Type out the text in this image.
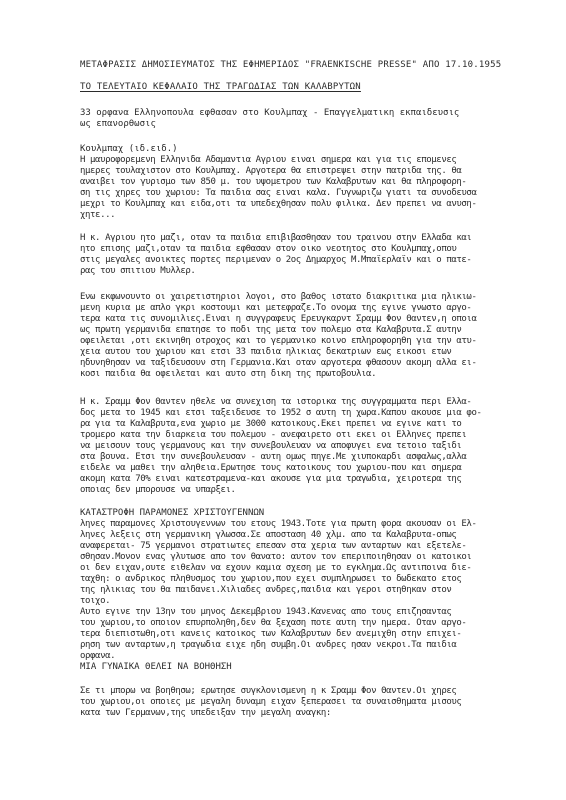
ΜΕΤΑΦΡΑΣΙΣ ΔΗΜΟΣΙΕΥΜΑΤΟΣ ΤΗΣ ΕΦΗΜΕΡΙΔΟΣ "FRAENKISCHE PRESSE" ΑΠΟ 17.10.1955
ΤΟ ΤΕΛΕΥΤΑΙΟ ΚΕΦΑΛΑΙΟ ΤΗΣ ΤΡΑΓΩΔΙΑΣ ΤΩΝ ΚΑΛΑΒΡΥΤΩΝ
33 ορφανα Ελληνοπουλα εφθασαν στο Κουλμπαχ - Επαγγελματικη εκπαιδευσις
ως επανορθωσις
Κουλμπαχ (ιδ.ειδ.)
Η μαυροφορεμενη Ελληνιδα Αδαμαντια Αγριου ειναι σημερα και για τις επομενες
ημερες τουλαχιστον στο Κουλμπαχ. Αργοτερα θα επιστρεψει στην πατριδα της. θα
αναιβει τον γυρισμο των 850 μ. του υψομετρου των Καλαβρυτων και θα πληροφορη-
ση τις χηρες του χωριου: Τα παιδια σας ειναι καλα. Γυγνωριζω γιατι τα συνοδευσα
μεχρι το Κουλμπαχ και ειδα,οτι τα υπεδεχθησαν πολυ φιλικα. Δεν πρεπει να ανυση-
χητε...
Η κ. Αγριου ητο μαζι, οταν τα παιδια επιβιβασθησαν του τραινου στην Ελλαδα και
ητο επισης μαζι,οταν τα παιδια εφθασαν στον οικο νεοτητος στο Κουλμπαχ,οπου
στις μεγαλες ανοικτες πορτες περιμεναν ο 2ος Δημαρχος Μ.Μπαϊερλαϊν και ο πατε-
ρας του σπιτιου Μυλλερ.
Ενω εκφωνουντο οι χαιρετιστηριοι λογοι, στο βαθος ιστατο διακριτικα μια ηλικιω-
μενη κυρια με απλο γκρι κοστουμι και μετεφραζε.Το ονομα της εγινε γνωστο αργο-
τερα κατα τις συνομιλιες.Ειναι η συγγραφευς Ερευγκαρντ Σραμμ Φον Θαντεν,η οποια
ως πρωτη γερμανιδα επατησε το ποδι της μετα τον πολεμο στα Καλαβρυτα.Σ αυτην
οφειλεται ,οτι εκινηθη οτροχος και το γερμανικο κοινο επληροφορηθη για την ατυ-
χεια αυτου του χωριου και ετσι 33 παιδια ηλικιας δεκατριων εως εικοσι ετων
ηδυνηθησαν να ταξιδευσουν στη Γερμανια.Και οταν αργοτερα φθασουν ακομη αλλα ει-
κοσι παιδια θα οφειλεται και αυτο στη δικη της πρωτοβουλια.
Η κ. Σραμμ Φον Θαντεν ηθελε να συνεχιση τα ιστορικα της συγγραμματα περι Ελλα-
δος μετα το 1945 και ετσι ταξειδευσε το 1952 σ αυτη τη χωρα.Καπου ακουσε μια φο-
ρα για τα Καλαβρυτα,ενα χωριο με 3000 κατοικους.Εκει πρεπει να εγινε κατι το
τρομερο κατα την διαρκεια του πολεμου - ανεφαιρετο οτι εκει οι Ελληνες πρεπει
να μεισουν τους γερμανους και την συνεβουλευαν να αποφυγει ενα τετοιο ταξιδι
στα βουνα. Ετσι την συνεβουλευσαν - αυτη ομως πηγε.Με χιυποκαρδι ασφαλως,αλλα
ειδελε να μαθει την αληθεια.Ερωτησε τους κατοικους του χωριου-που και σημερα
ακομη κατα 70% ειναι κατεστραμενα-και ακουσε για μια τραγωδια, χειροτερα της
οποιας δεν μπορουσε να υπαρξει.
ΚΑΤΑΣΤΡΟΦΗ ΠΑΡΑΜΟΝΕΣ ΧΡΙΣΤΟΥΓΕΝΝΩΝ
ληνες παραμονες Χριστουγεννων του ετους 1943.Τοτε για πρωτη φορα ακουσαν οι Ελ-
ληνες λεξεις στη γερμανικη γλωσσα.Σε αποσταση 40 χλμ. απο τα Καλαβρυτα-οπως
αναφερεται- 75 γερμανοι στρατιωτες επεσαν στα χερια των ανταρτων και εξετελε-
σθησαν.Μονον ενας γλυτωσε απο τον θανατο: αυτον τον επεριποιηθησαν οι κατοικοι
οι δεν ειχαν,ουτε ειθελαν να εχουν καμια σχεση με το εγκλημα.Ως αντιποινα διε-
ταχθη: ο ανδρικος πληθυσμος του χωριου,που εχει συμπληρωσει το δωδεκατο ετος
της ηλικιας του θα παιδανει.Χιλιαδες ανδρες,παιδια και γεροι στηθηκαν στον
τοιχο.
Αυτο εγινε την 13ην του μηνος Δεκεμβριου 1943.Κανενας απο τους επιζησαντας
του χωριου,το οποιον επυρποληθη,δεν θα ξεχαση ποτε αυτη την ημερα. Οταν αργο-
τερα διεπιστωθη,οτι κανεις κατοικος των Καλαβρυτων δεν ανεμιχθη στην επιχει-
ρηση των ανταρτων,η τραγωδια ειχε ηδη συμβη.Οι ανδρες ησαν νεκροι.Τα παιδια
ορφανα.
ΜΙΑ ΓΥΝΑΙΚΑ ΘΕΛΕΙ ΝΑ ΒΟΗΘΗΣΗ
Σε τι μπορω να βοηθησω; ερωτησε συγκλονισμενη η κ Σραμμ Φον Θαντεν.Οι χηρες
του χωριου,οι οποιες με μεγαλη δυναμη ειχαν ξεπερασει τα συναισθηματα μισους
κατα των Γερμανων,της υπεδειξαν την μεγαλη αναγκη:
